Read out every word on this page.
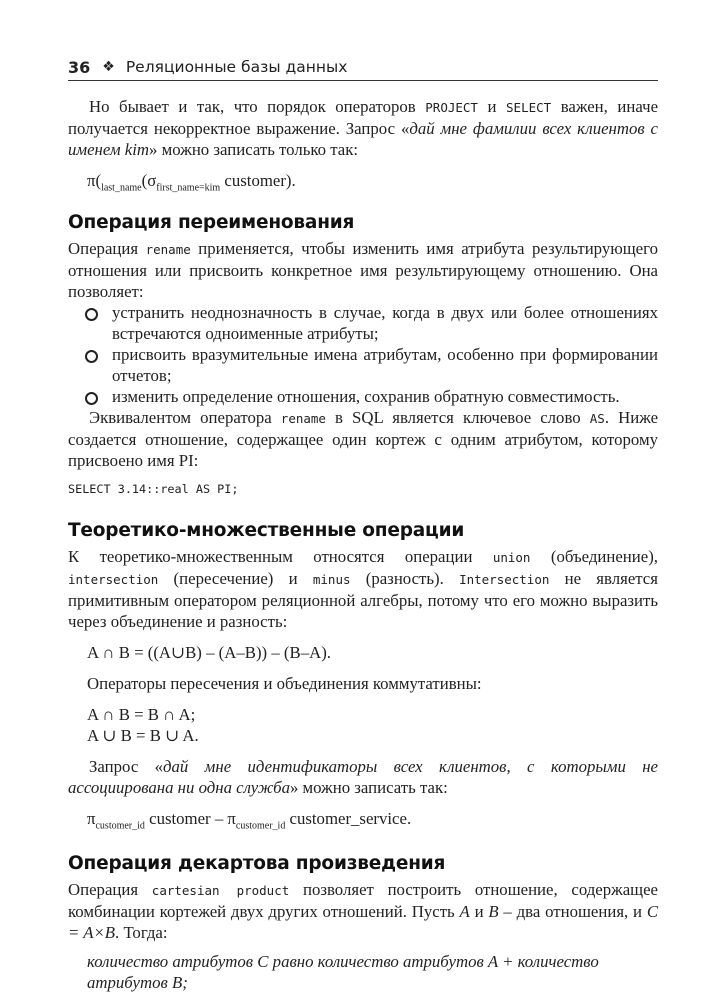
36 ❖ Реляционные базы данных

Но бывает и так, что порядок операторов PROJECT и SELECT важен, иначе получается некорректное выражение. Запрос «дай мне фамилии всех клиентов с именем kim» можно записать только так:

$\pi(_{last\_name}(\sigma_{first\_name=kim}$ customer).
Операция переименования

Операция rename применяется, чтобы изменить имя атрибута результирующего отношения или присвоить конкретное имя результирующему отношению. Она позволяет:

устранить неоднозначность в случае, когда в двух или более отношениях встречаются одноименные атрибуты;
присвоить вразумительные имена атрибутам, особенно при формировании отчетов;
изменить определение отношения, сохранив обратную совместимость.

Эквивалентом оператора rename в SQL является ключевое слово AS. Ниже создается отношение, содержащее один кортеж с одним атрибутом, которому присвоено имя PI:

SELECT 3.14::real AS PI;
Теоретико-множественные операции

К теоретико-множественным относятся операции union (объединение), intersection (пересечение) и minus (разность). Intersection не является примитивным оператором реляционной алгебры, потому что его можно выразить через объединение и разность:

A ∩ B = ((A∪B) – (A–B)) – (B–A).
Операторы пересечения и объединения коммутативны:
A ∩ B = B ∩ A;
A ∪ B = B ∪ A.

Запрос «дай мне идентификаторы всех клиентов, с которыми не ассоциирована ни одна служба» можно записать так:

$\pi_{customer\_id}$ customer – $\pi_{customer\_id}$ customer_service.
Операция декартова произведения

Операция cartesian product позволяет построить отношение, содержащее комбинации кортежей двух других отношений. Пусть A и B – два отношения, и C = A×B. Тогда:

количество атрибутов C равно количество атрибутов A + количество атрибутов B;
